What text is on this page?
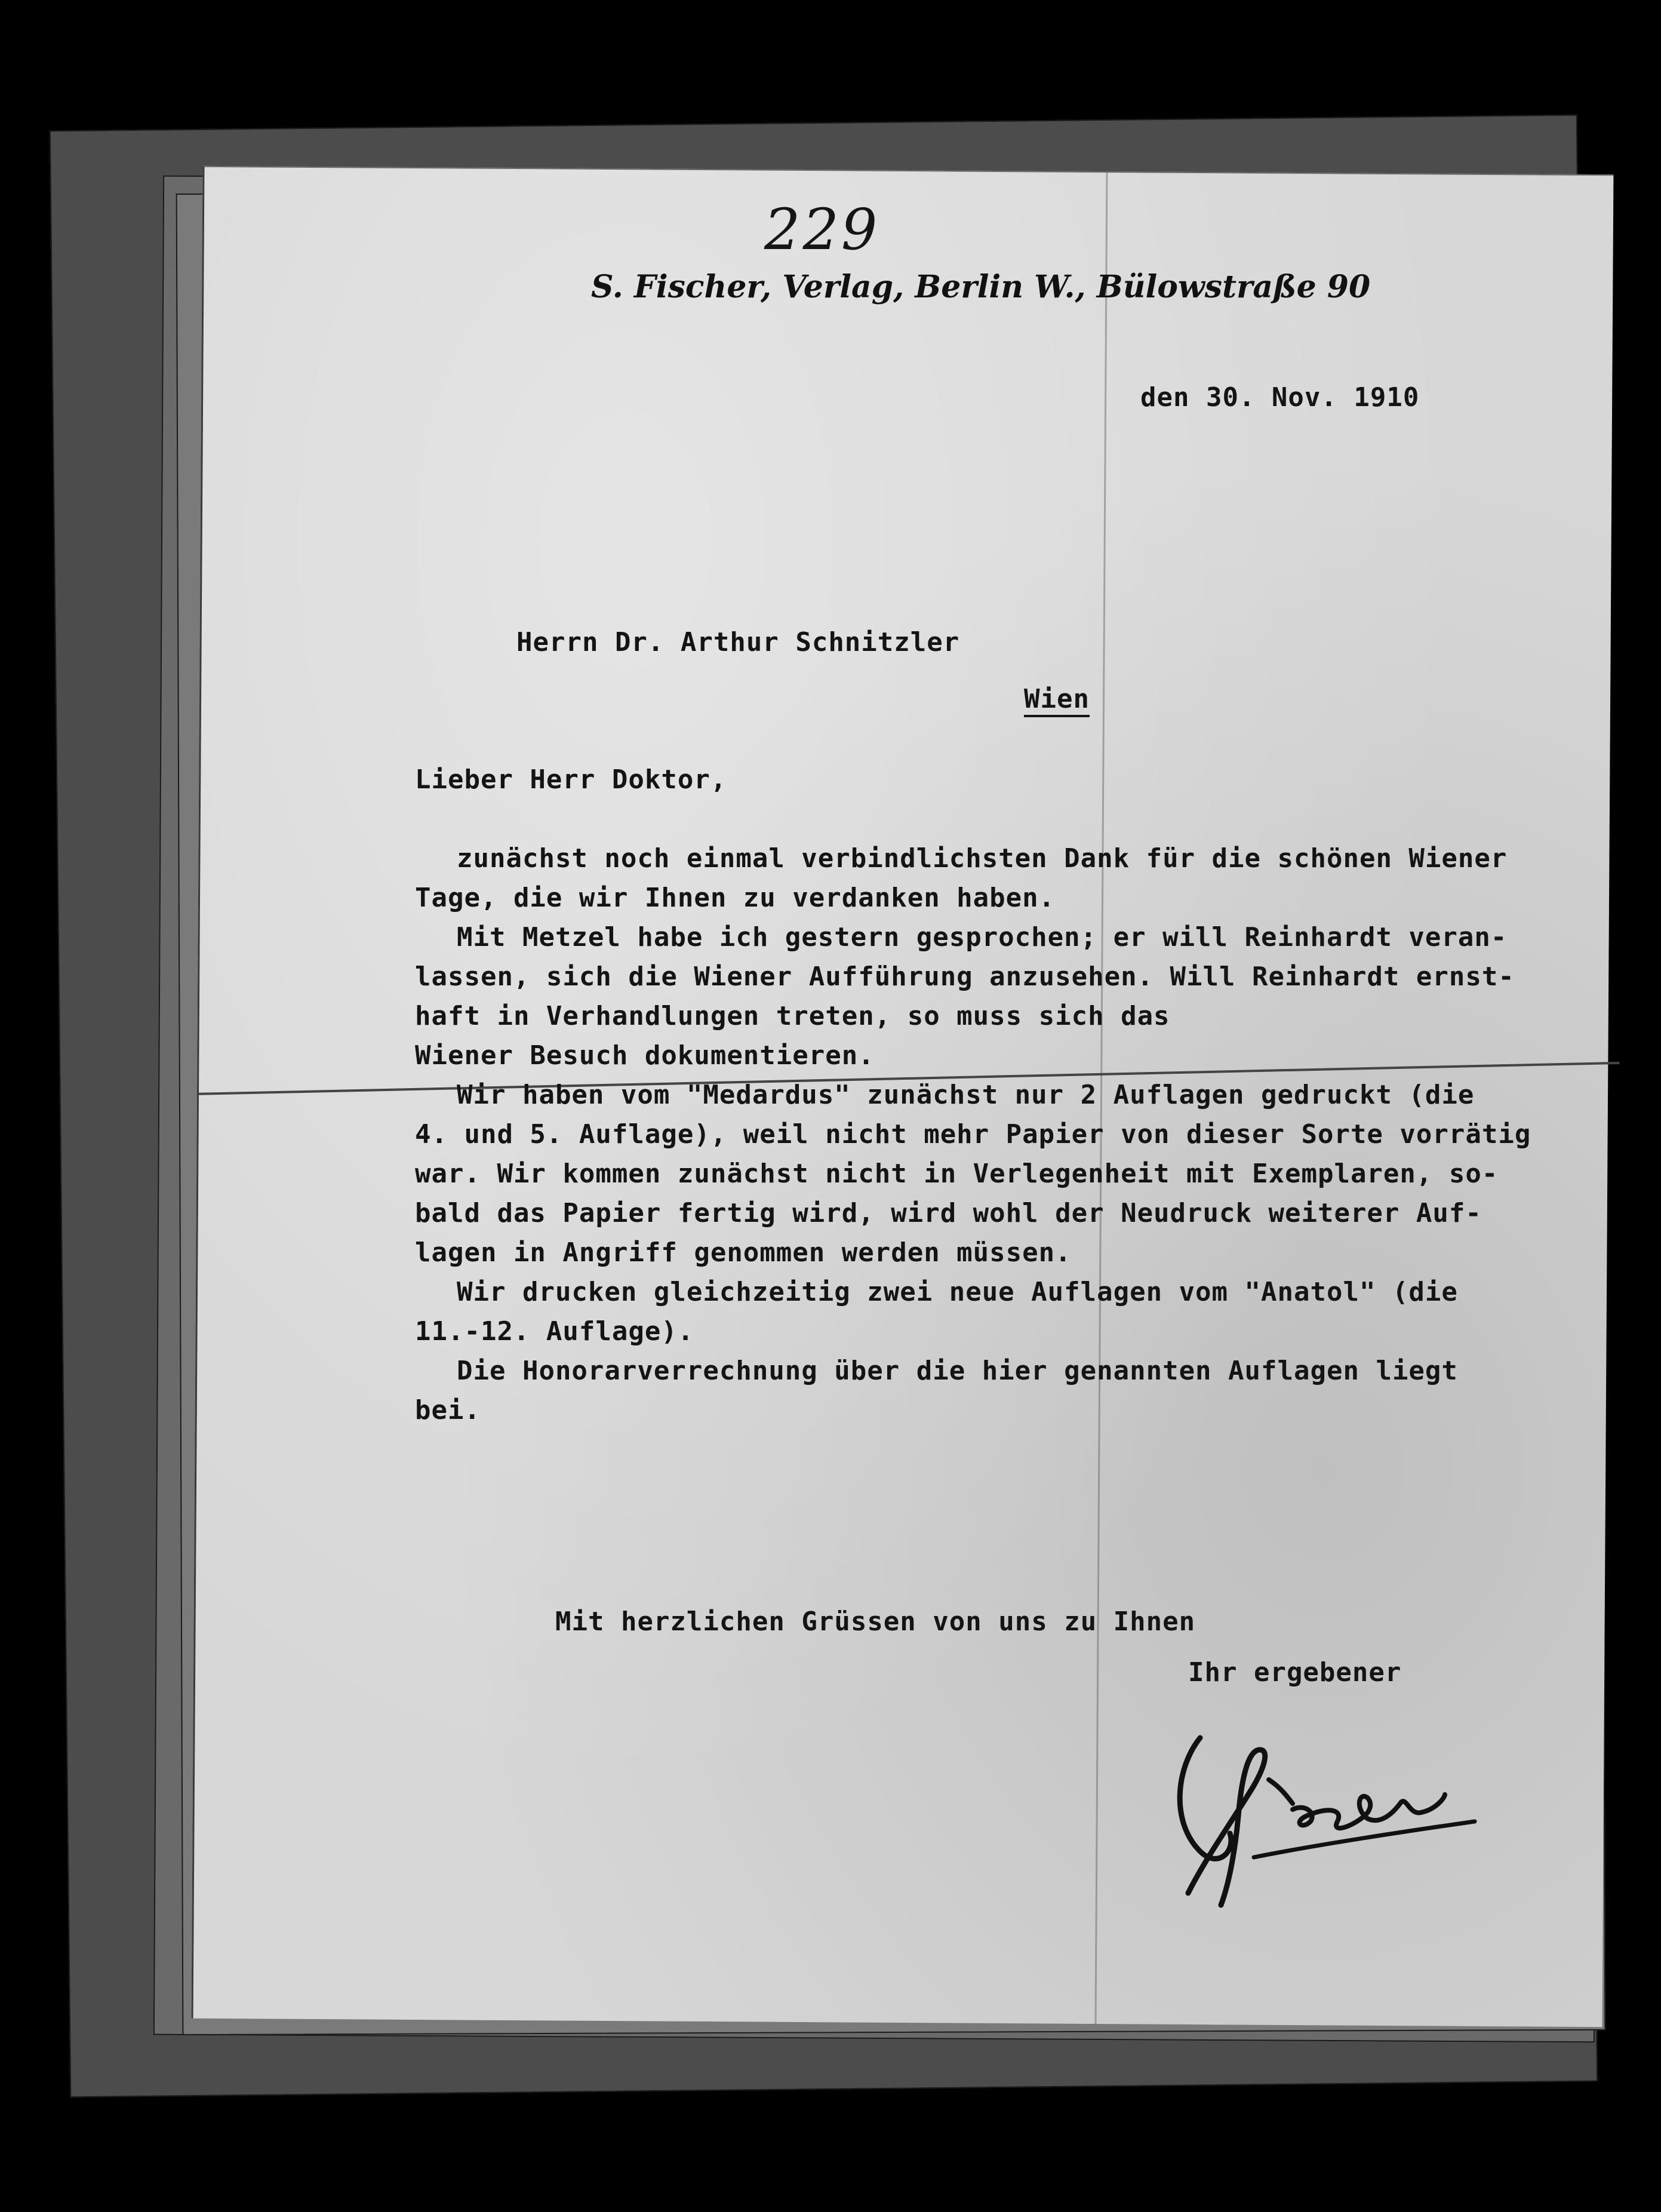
229
S. Fischer, Verlag, Berlin W., Bülowstraße 90
den 30. Nov. 1910
Herrn Dr. Arthur Schnitzler
Wien
Lieber Herr Doktor,
zunächst noch einmal verbindlichsten Dank für die schönen Wiener
Tage, die wir Ihnen zu verdanken haben.
Mit Metzel habe ich gestern gesprochen; er will Reinhardt veran-
lassen, sich die Wiener Aufführung anzusehen. Will Reinhardt ernst-
haft in Verhandlungen treten, so muss sich das
Wiener Besuch dokumentieren.
Wir haben vom "Medardus" zunächst nur 2 Auflagen gedruckt (die
4. und 5. Auflage), weil nicht mehr Papier von dieser Sorte vorrätig
war. Wir kommen zunächst nicht in Verlegenheit mit Exemplaren, so-
bald das Papier fertig wird, wird wohl der Neudruck weiterer Auf-
lagen in Angriff genommen werden müssen.
Wir drucken gleichzeitig zwei neue Auflagen vom "Anatol" (die
11.-12. Auflage).
Die Honorarverrechnung über die hier genannten Auflagen liegt
bei.
Mit herzlichen Grüssen von uns zu Ihnen
Ihr ergebener
